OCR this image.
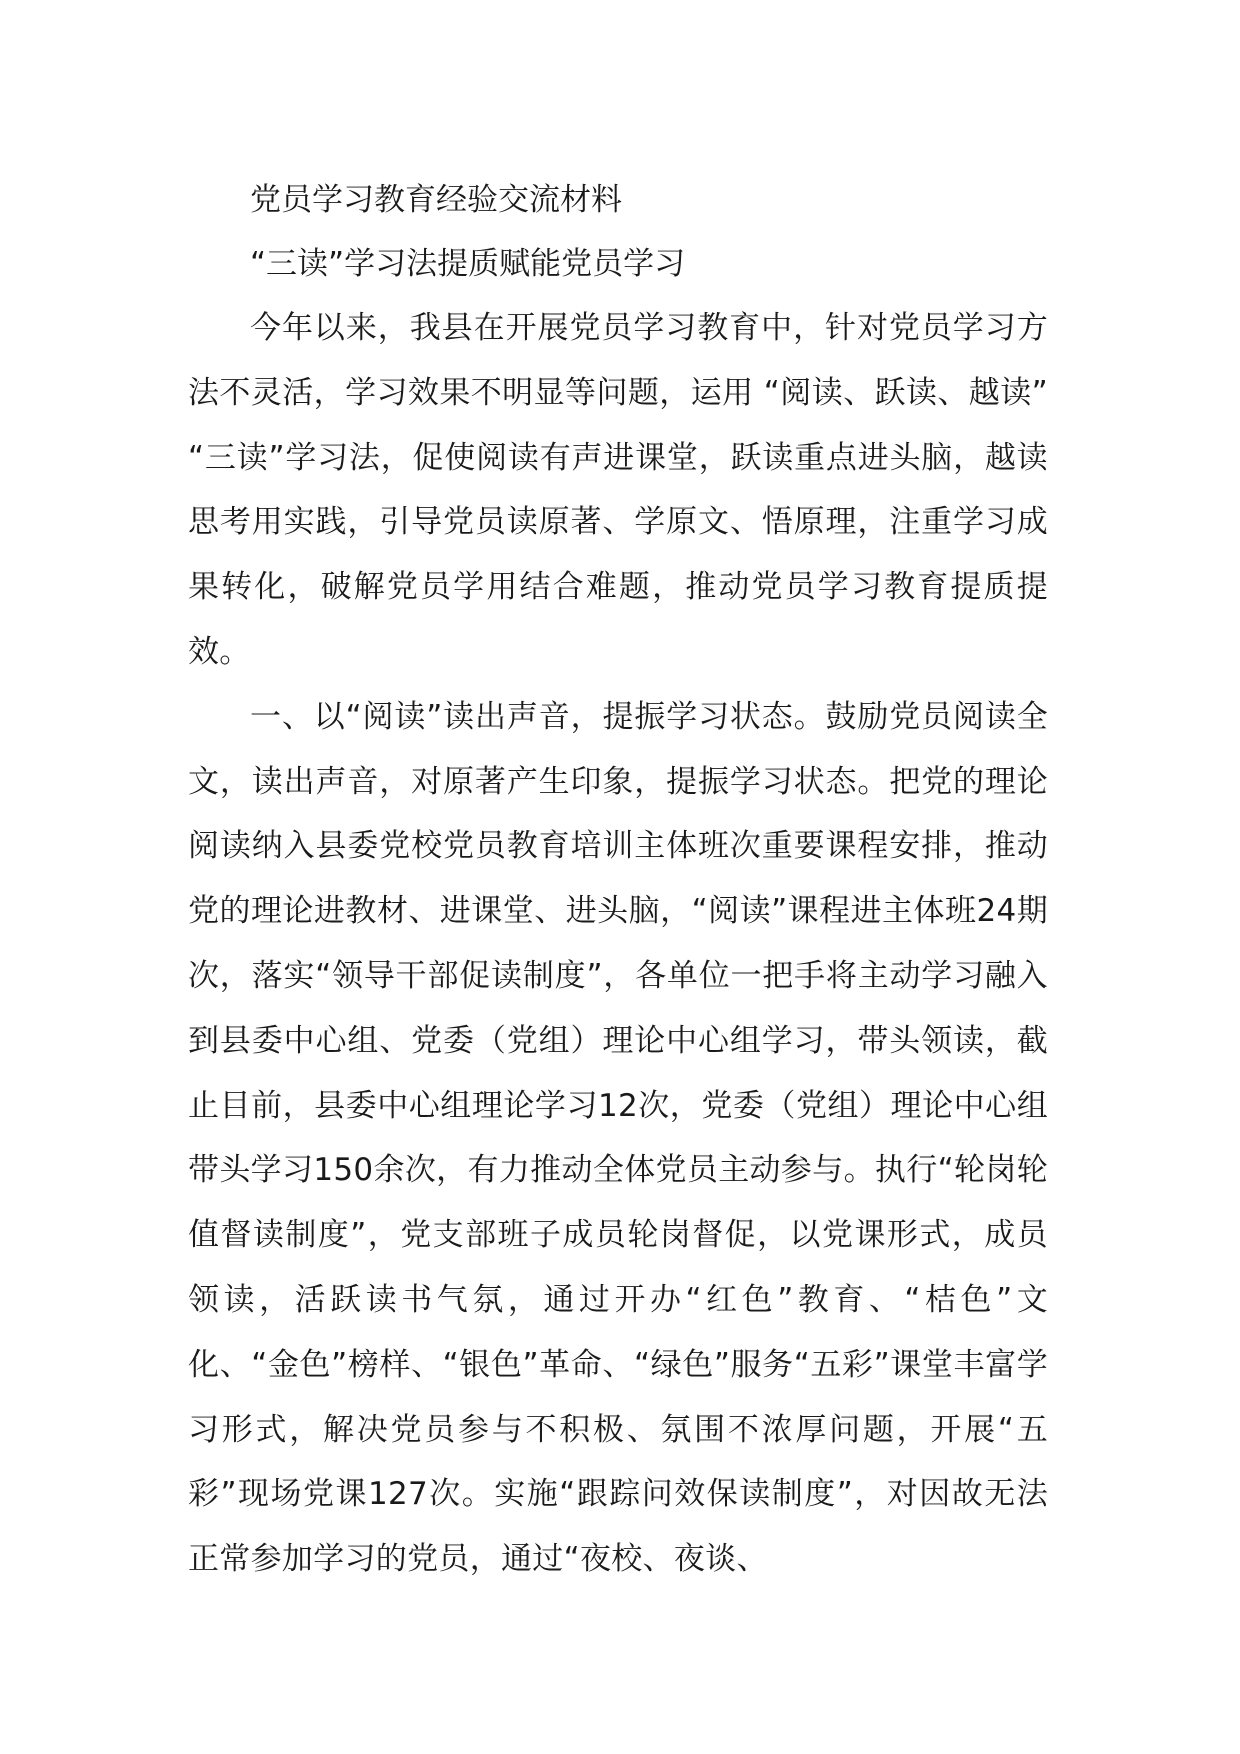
党员学习教育经验交流材料

“三读”学习法提质赋能党员学习

今年以来，我县在开展党员学习教育中，针对党员学习方法不灵活，学习效果不明显等问题，运用 “阅读、跃读、越读” “三读”学习法，促使阅读有声进课堂，跃读重点进头脑，越读思考用实践，引导党员读原著、学原文、悟原理，注重学习成果转化，破解党员学用结合难题，推动党员学习教育提质提效。

一、以“阅读”读出声音，提振学习状态。鼓励党员阅读全文，读出声音，对原著产生印象，提振学习状态。把党的理论阅读纳入县委党校党员教育培训主体班次重要课程安排，推动党的理论进教材、进课堂、进头脑，“阅读”课程进主体班24期次，落实“领导干部促读制度”，各单位一把手将主动学习融入到县委中心组、党委（党组）理论中心组学习，带头领读，截止目前，县委中心组理论学习12次，党委（党组）理论中心组带头学习150余次，有力推动全体党员主动参与。执行“轮岗轮值督读制度”，党支部班子成员轮岗督促，以党课形式，成员领读，活跃读书气氛，通过开办“红色”教育、“桔色”文化、“金色”榜样、“银色”革命、“绿色”服务“五彩”课堂丰富学习形式，解决党员参与不积极、氛围不浓厚问题，开展“五彩”现场党课127次。实施“跟踪问效保读制度”，对因故无法正常参加学习的党员，通过“夜校、夜谈、
